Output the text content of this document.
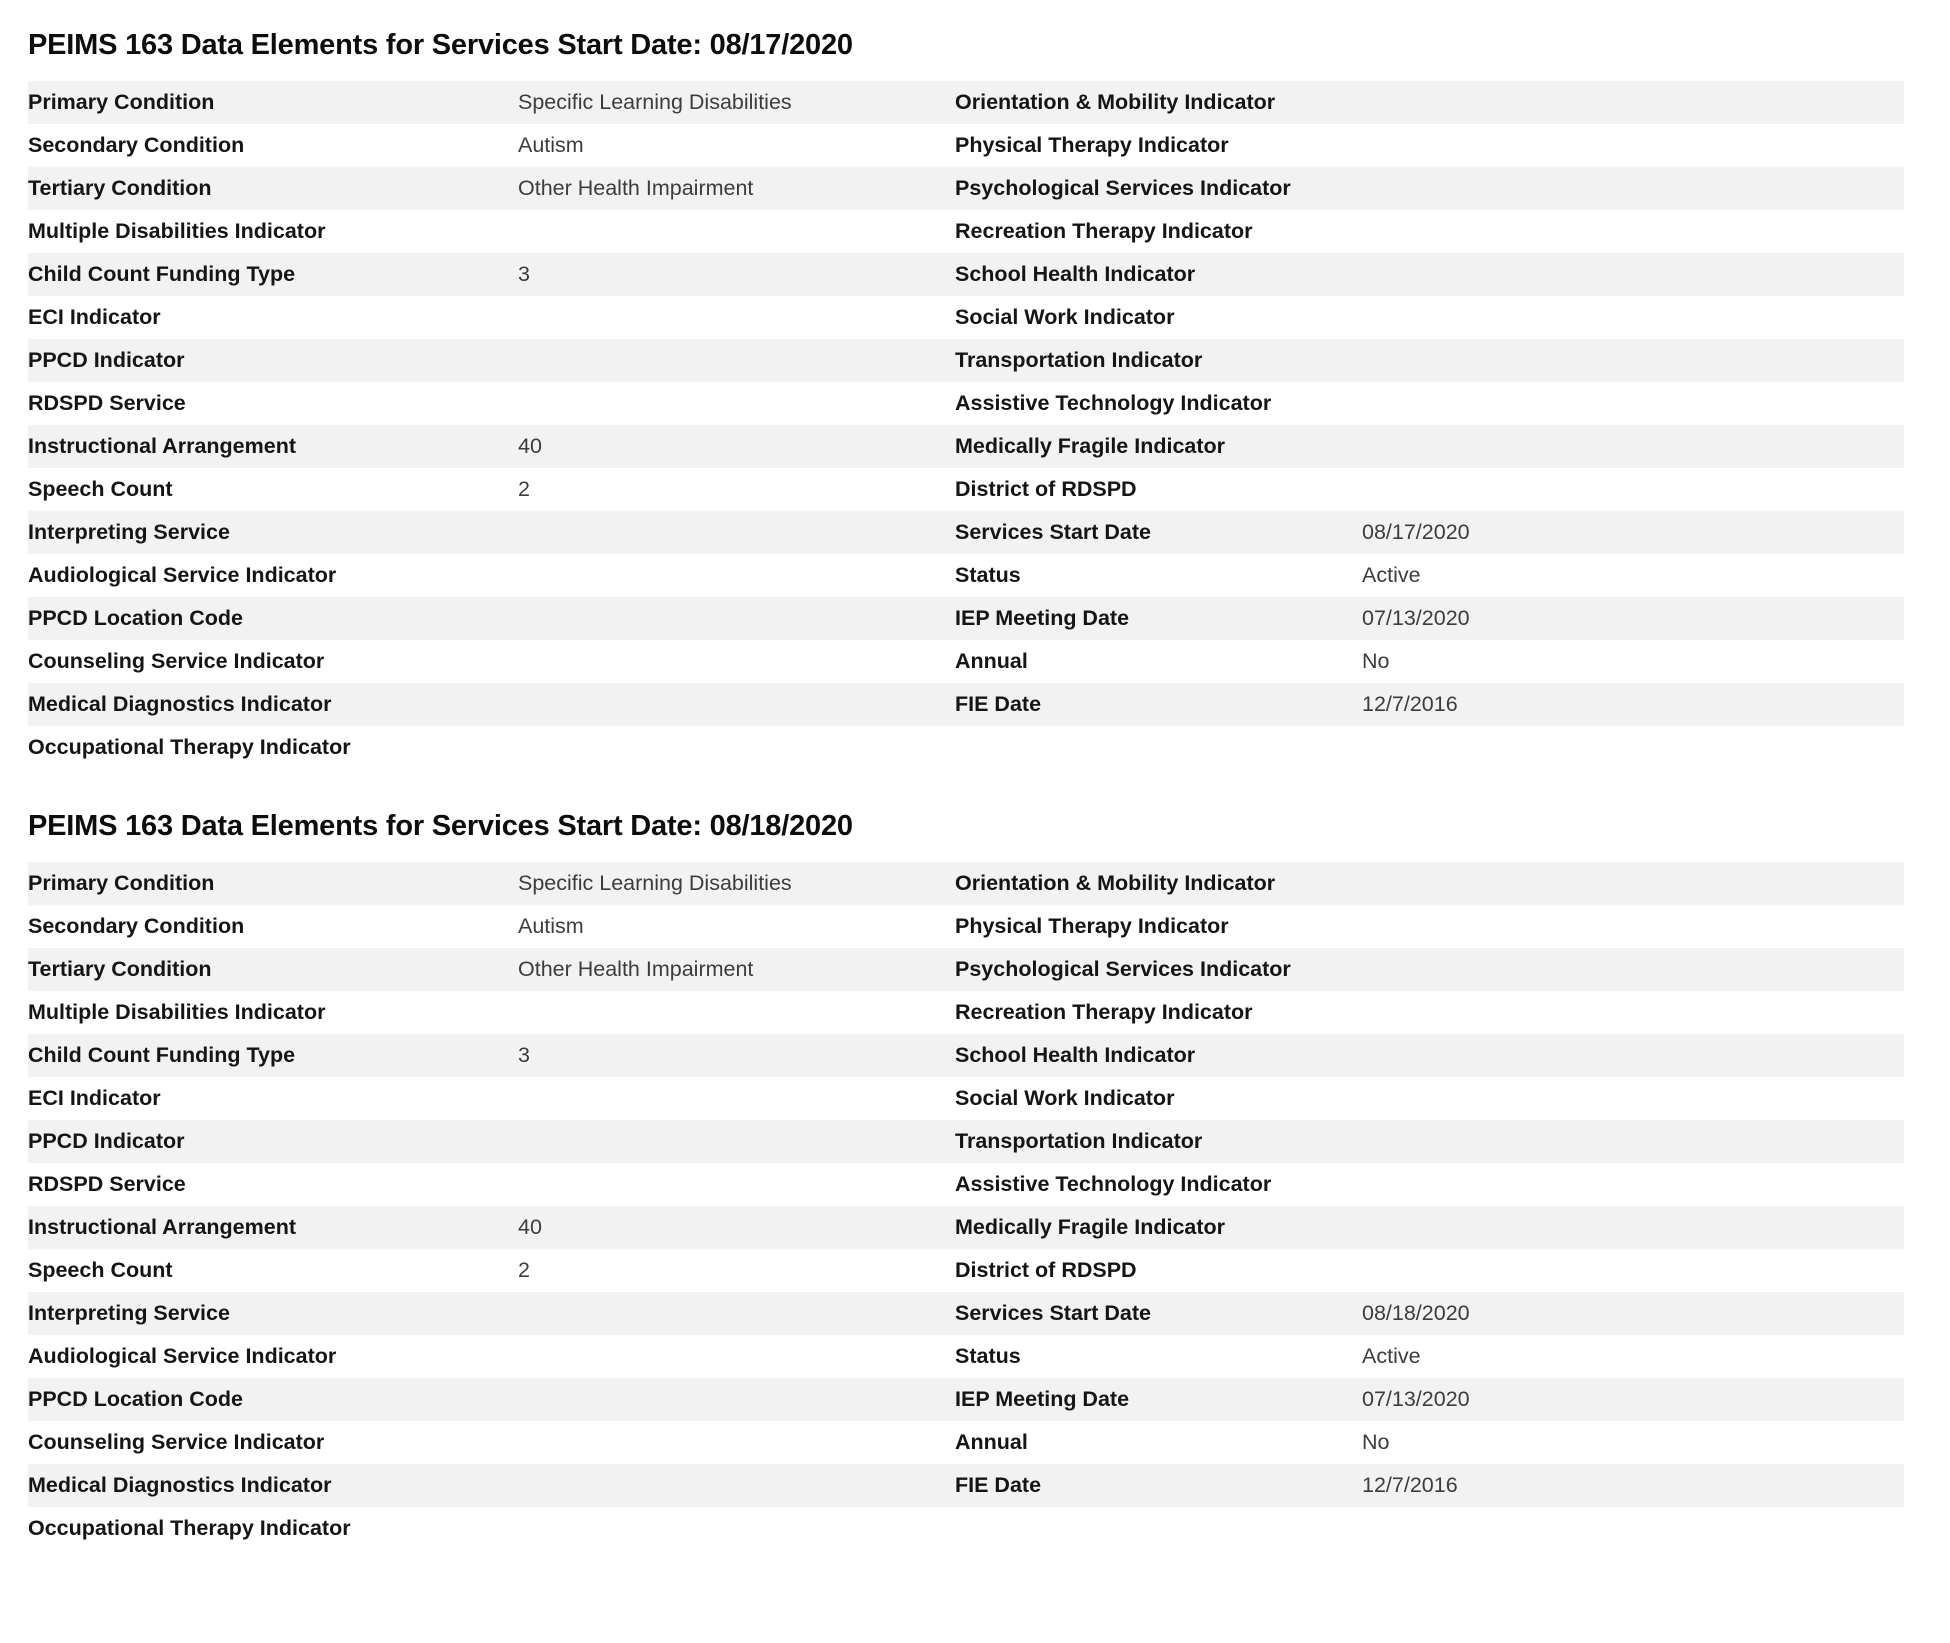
PEIMS 163 Data Elements for Services Start Date: 08/17/2020
Primary Condition	Specific Learning Disabilities	Orientation & Mobility Indicator	
Secondary Condition	Autism	Physical Therapy Indicator	
Tertiary Condition	Other Health Impairment	Psychological Services Indicator	
Multiple Disabilities Indicator		Recreation Therapy Indicator	
Child Count Funding Type	3	School Health Indicator	
ECI Indicator		Social Work Indicator	
PPCD Indicator		Transportation Indicator	
RDSPD Service		Assistive Technology Indicator	
Instructional Arrangement	40	Medically Fragile Indicator	
Speech Count	2	District of RDSPD	
Interpreting Service		Services Start Date	08/17/2020
Audiological Service Indicator		Status	Active
PPCD Location Code		IEP Meeting Date	07/13/2020
Counseling Service Indicator		Annual	No
Medical Diagnostics Indicator		FIE Date	12/7/2016
Occupational Therapy Indicator			
PEIMS 163 Data Elements for Services Start Date: 08/18/2020
Primary Condition	Specific Learning Disabilities	Orientation & Mobility Indicator	
Secondary Condition	Autism	Physical Therapy Indicator	
Tertiary Condition	Other Health Impairment	Psychological Services Indicator	
Multiple Disabilities Indicator		Recreation Therapy Indicator	
Child Count Funding Type	3	School Health Indicator	
ECI Indicator		Social Work Indicator	
PPCD Indicator		Transportation Indicator	
RDSPD Service		Assistive Technology Indicator	
Instructional Arrangement	40	Medically Fragile Indicator	
Speech Count	2	District of RDSPD	
Interpreting Service		Services Start Date	08/18/2020
Audiological Service Indicator		Status	Active
PPCD Location Code		IEP Meeting Date	07/13/2020
Counseling Service Indicator		Annual	No
Medical Diagnostics Indicator		FIE Date	12/7/2016
Occupational Therapy Indicator			
